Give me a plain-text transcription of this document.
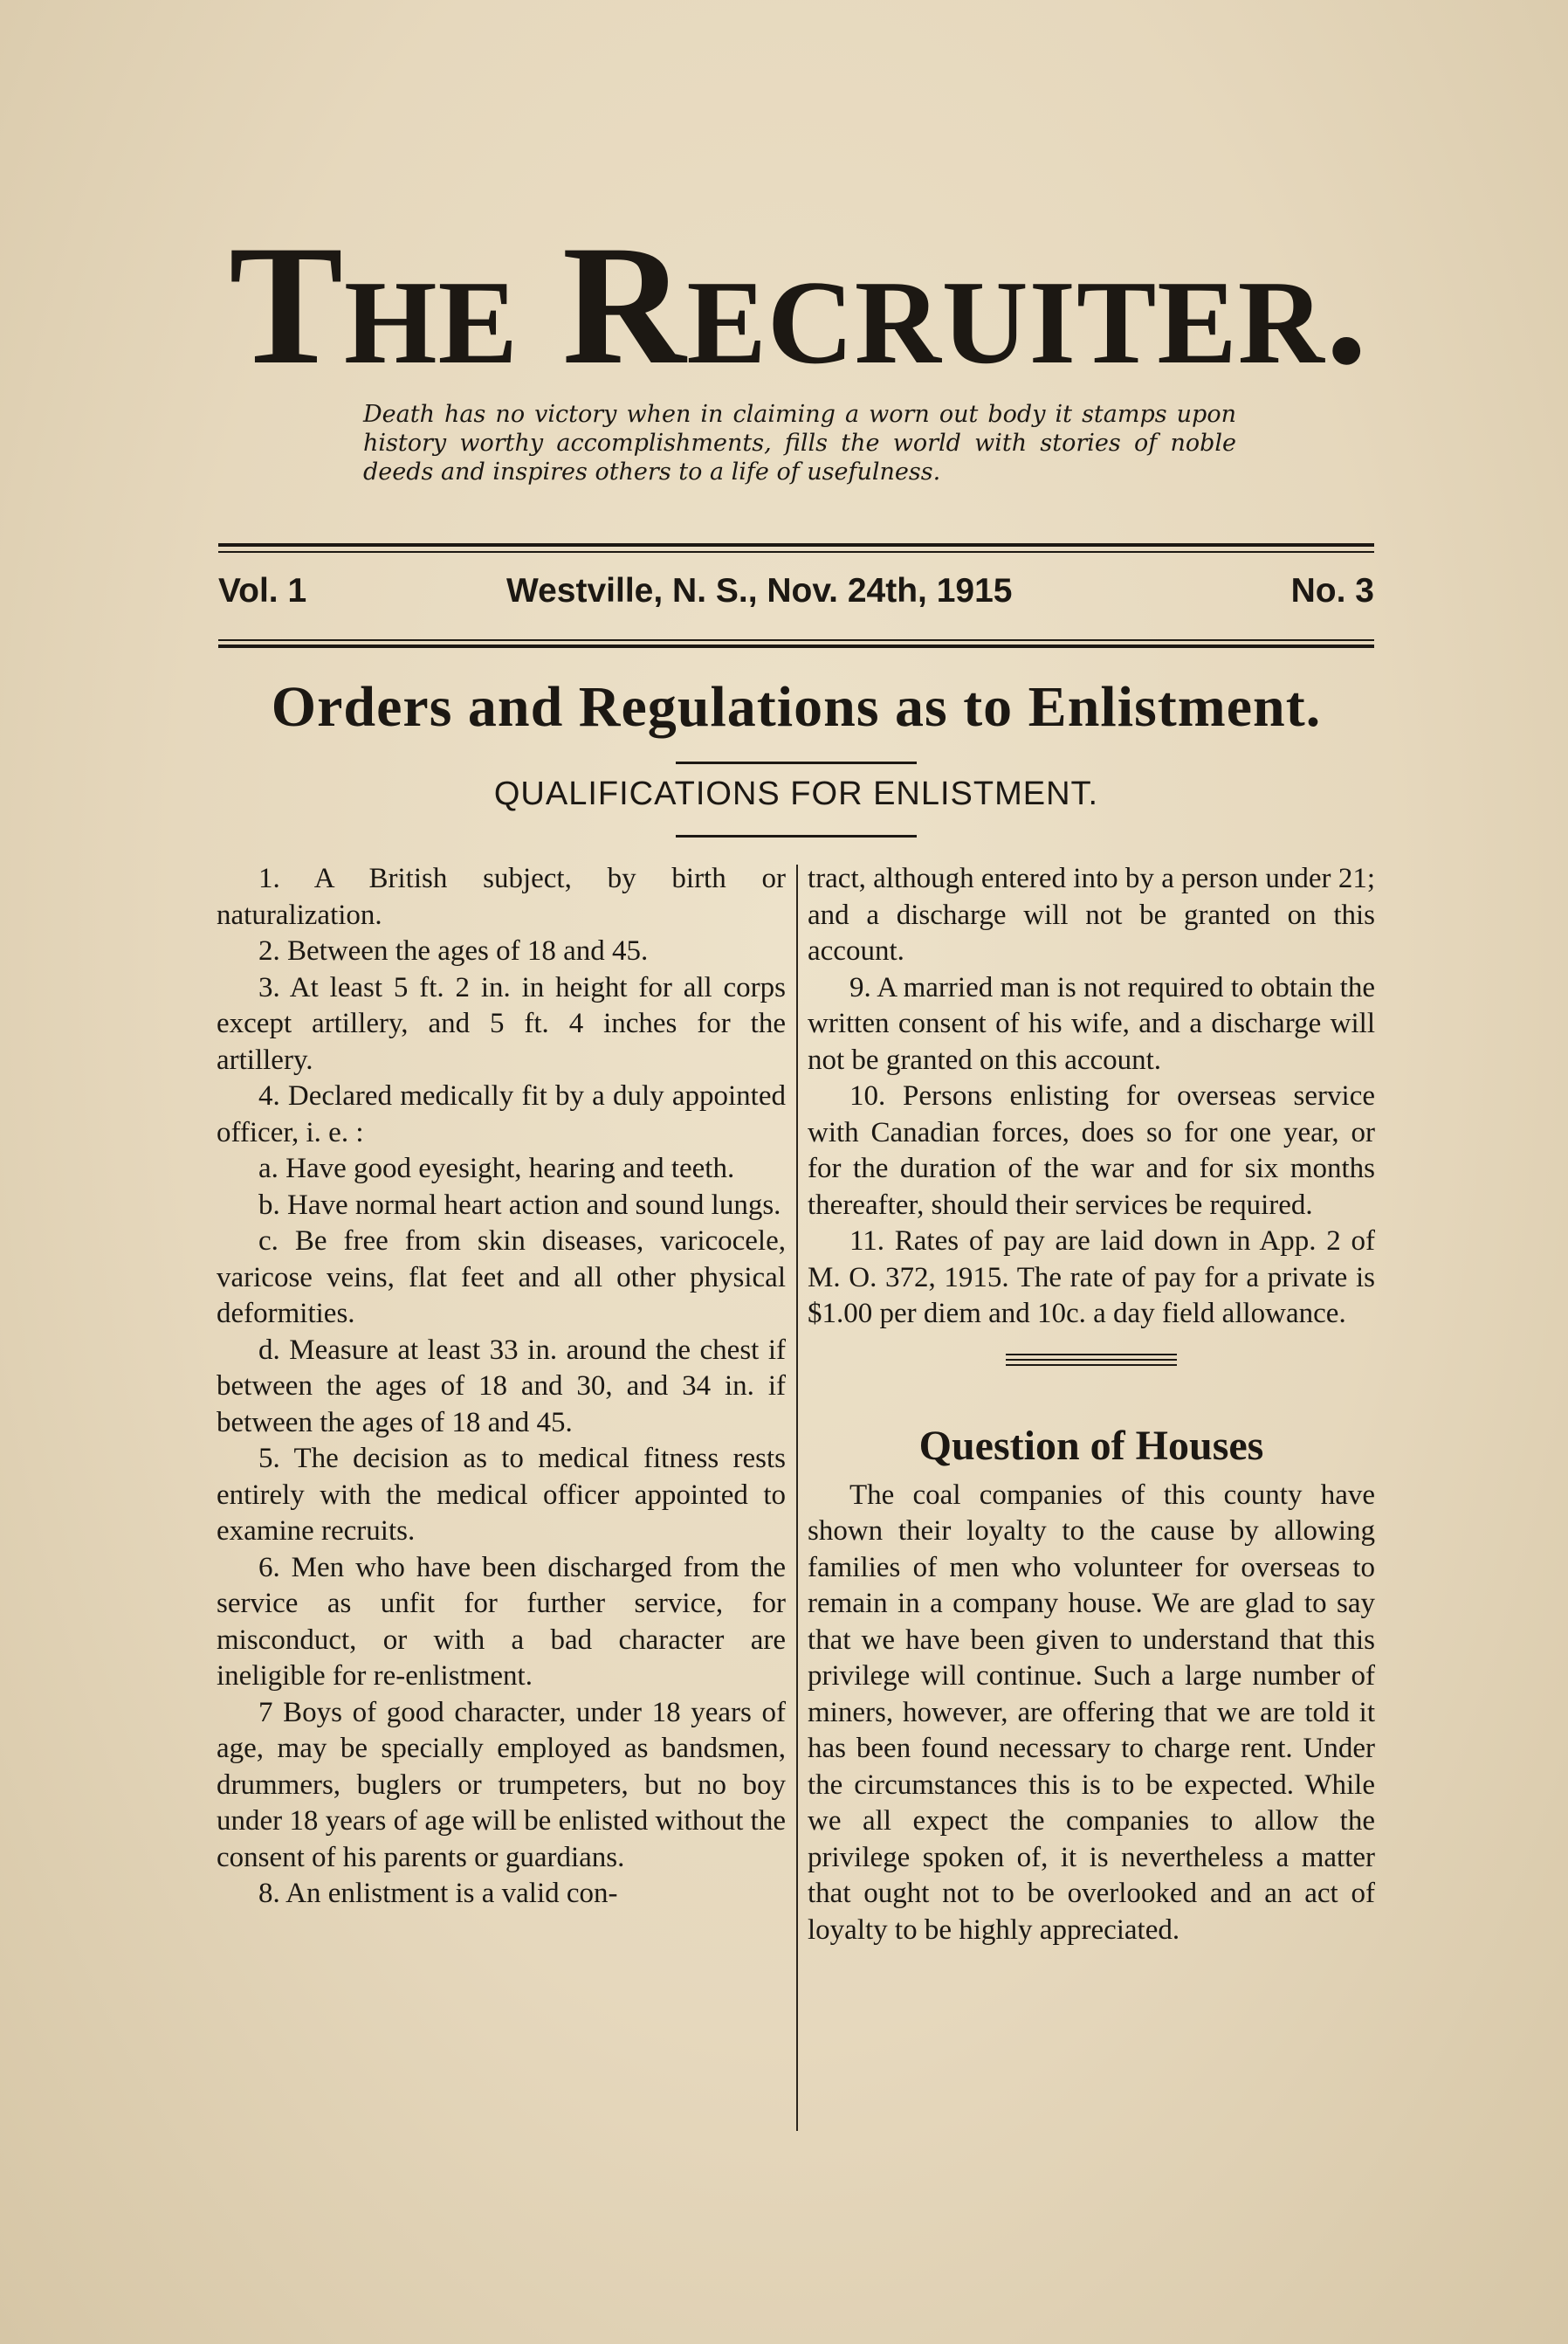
The Recruiter.
Death has no victory when in claiming a worn out body it stamps upon history worthy accomplishments, fills the world with stories of noble deeds and inspires others to a life of usefulness.
Vol. 1	Westville, N. S., Nov. 24th, 1915	No. 3
Orders and Regulations as to Enlistment.
QUALIFICATIONS FOR ENLISTMENT.

1. A British subject, by birth or naturalization.

2. Between the ages of 18 and 45.

3. At least 5 ft. 2 in. in height for all corps except artillery, and 5 ft. 4 inches for the artillery.

4. Declared medically fit by a duly appointed officer, i. e. :

a. Have good eyesight, hearing and teeth.

b. Have normal heart action and sound lungs.

c. Be free from skin diseases, varicocele, varicose veins, flat feet and all other physical deformities.

d. Measure at least 33 in. around the chest if between the ages of 18 and 30, and 34 in. if between the ages of 18 and 45.

5. The decision as to medical fitness rests entirely with the medical officer appointed to examine recruits.

6. Men who have been discharged from the service as unfit for further service, for misconduct, or with a bad character are ineligible for re-enlistment.

7 Boys of good character, under 18 years of age, may be specially employed as bandsmen, drummers, buglers or trumpeters, but no boy under 18 years of age will be enlisted without the consent of his parents or guardians.

8. An enlistment is a valid con-

tract, although entered into by a person under 21; and a discharge will not be granted on this account.

9. A married man is not required to obtain the written consent of his wife, and a discharge will not be granted on this account.

10. Persons enlisting for overseas service with Canadian forces, does so for one year, or for the duration of the war and for six months thereafter, should their services be required.

11. Rates of pay are laid down in App. 2 of M. O. 372, 1915. The rate of pay for a private is $1.00 per diem and 10c. a day field allowance.

Question of Houses

The coal companies of this county have shown their loyalty to the cause by allowing families of men who volunteer for overseas to remain in a company house. We are glad to say that we have been given to understand that this privilege will continue. Such a large number of miners, however, are offering that we are told it has been found necessary to charge rent. Under the circumstances this is to be expected. While we all expect the companies to allow the privilege spoken of, it is nevertheless a matter that ought not to be overlooked and an act of loyalty to be highly appreciated.
